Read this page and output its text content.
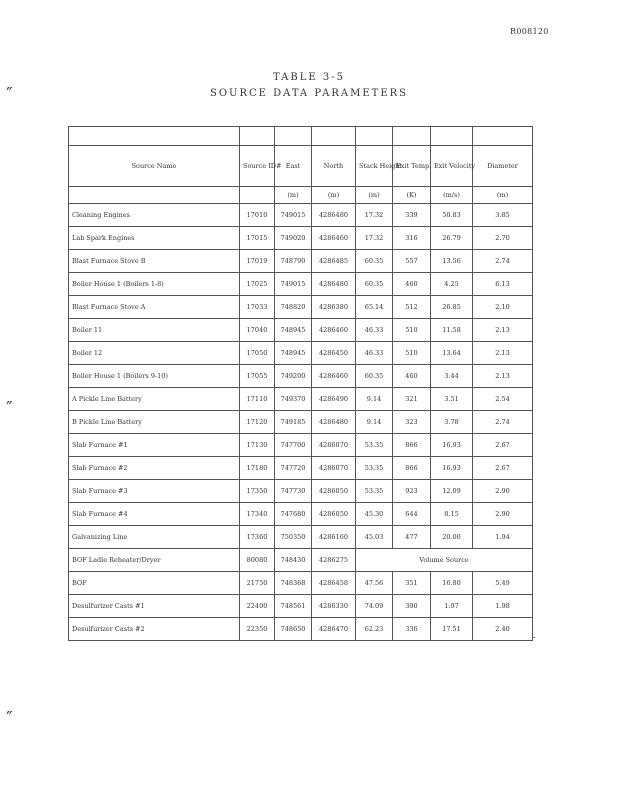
R008120
TABLE 3-5
SOURCE DATA PARAMETERS
″
″
″

Source Name	Source ID#	East	North	Stack Height	Exit Temp.	Exit Velocity	Diameter
		(m)	(m)	(m)	(K)	(m/s)	(m)
Cleaning Engines	17010	749015	4286480	17.32	339	50.83	3.85
Lab Spark Engines	17015	749020	4286460	17.32	316	26.79	2.70
Blast Furnace Stove B	17019	748790	4286485	60.35	557	13.56	2.74
Boiler House 1 (Boilers 1-8)	17025	749015	4286480	60.35	460	4.25	6.13
Blast Furnace Stove A	17033	748820	4286380	65.14	512	26.85	2.10
Boiler 11	17040	748945	4286460	46.33	510	11.58	2.13
Boiler 12	17050	748945	4286450	46.33	510	13.64	2.13
Boiler House 1 (Boilers 9-10)	17055	749200	4286460	60.35	460	3.44	2.13
A Pickle Line Battery	17110	749370	4286490	9.14	321	3.51	2.54
B Pickle Line Battery	17120	749185	4286480	9.14	323	3.78	2.74
Slab Furnace #1	17130	747700	4286070	53.35	866	16.93	2.67
Slab Furnace #2	17180	747720	4286070	53.35	866	16.93	2.67
Slab Furnace #3	17350	747730	4286050	53.35	923	12.09	2.90
Slab Furnace #4	17340	747680	4286050	45.30	644	8.15	2.90
Galvanizing Line	17360	750350	4286160	45.03	477	20.00	1.94
BOF Ladle Reheater/Dryer	80080	748430	4286275	Volume Source			
BOF	21750	748368	4286458	47.56	351	16.80	5.49
Desulfurizer Casts #1	22400	748561	4286330	74.09	390	1.97	1.98
Desulfurizer Casts #2	22350	748650	4286470	62.23	336	17.51	2.40
